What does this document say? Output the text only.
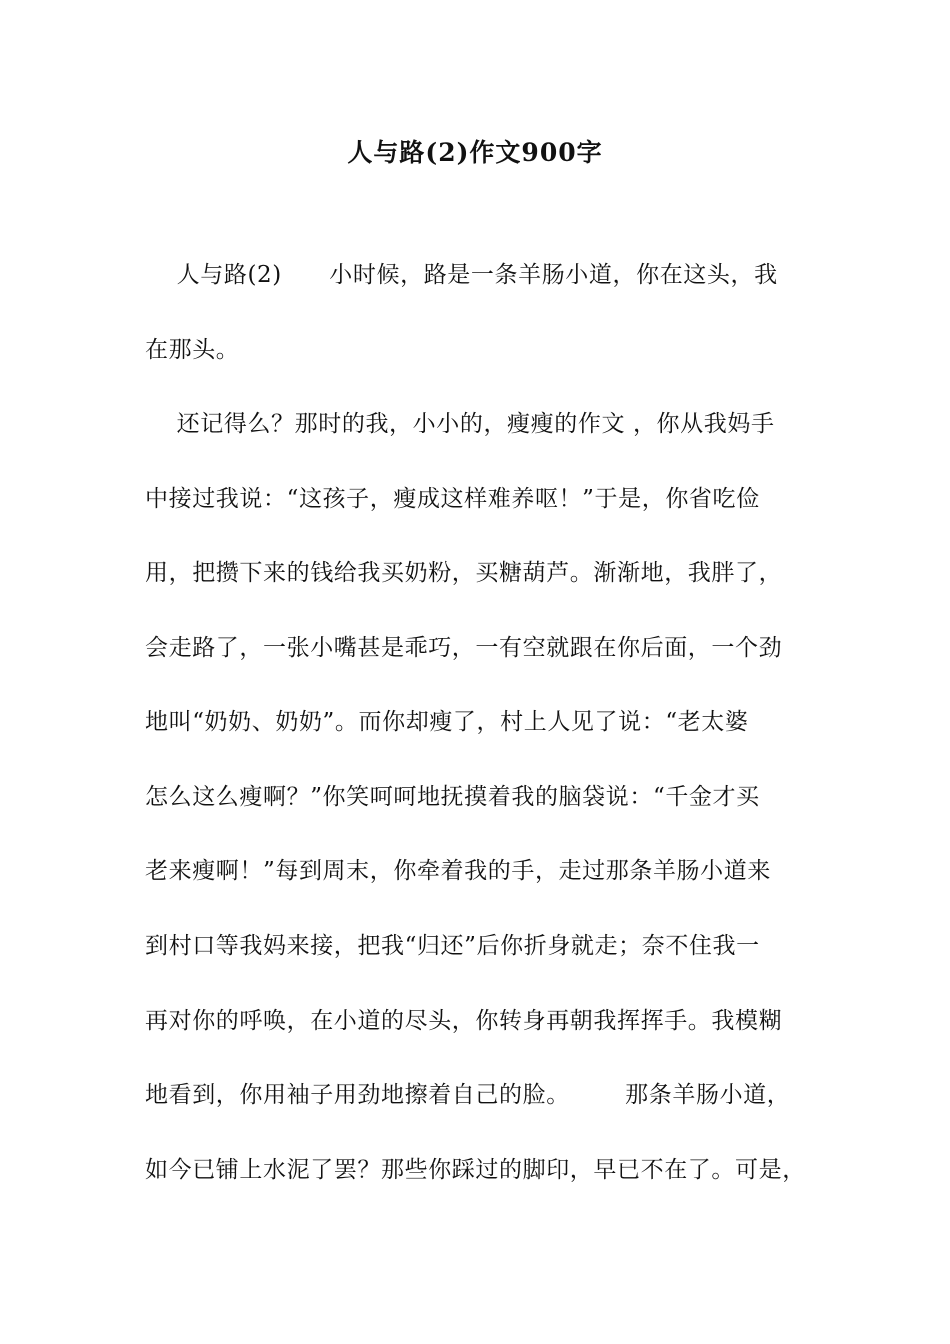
人与路(2)作文900字
人与路(2)      小时候，路是一条羊肠小道，你在这头，我
在那头。
还记得么？那时的我，小小的，瘦瘦的作文 ，你从我妈手
中接过我说：“这孩子，瘦成这样难养呕！”于是，你省吃俭
用，把攒下来的钱给我买奶粉，买糖葫芦。渐渐地，我胖了，
会走路了，一张小嘴甚是乖巧，一有空就跟在你后面，一个劲
地叫“奶奶、奶奶”。而你却瘦了，村上人见了说：“老太婆
怎么这么瘦啊？”你笑呵呵地抚摸着我的脑袋说：“千金才买
老来瘦啊！”每到周末，你牵着我的手，走过那条羊肠小道来
到村口等我妈来接，把我“归还”后你折身就走；奈不住我一
再对你的呼唤，在小道的尽头，你转身再朝我挥挥手。我模糊
地看到，你用袖子用劲地擦着自己的脸。       那条羊肠小道，
如今已铺上水泥了罢？那些你踩过的脚印，早已不在了。可是，
